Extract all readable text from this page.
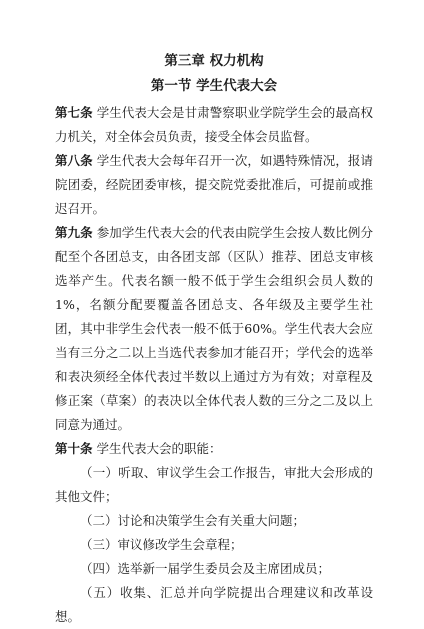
第三章 权力机构
第一节 学生代表大会

第七条 学生代表大会是甘肃警察职业学院学生会的最高权力机关，对全体会员负责，接受全体会员监督。

第八条 学生代表大会每年召开一次，如遇特殊情况，报请院团委，经院团委审核，提交院党委批准后，可提前或推迟召开。

第九条 参加学生代表大会的代表由院学生会按人数比例分配至个各团总支，由各团支部（区队）推荐、团总支审核选举产生。代表名额一般不低于学生会组织会员人数的1%，名额分配要覆盖各团总支、各年级及主要学生社团，其中非学生会代表一般不低于60%。学生代表大会应当有三分之二以上当选代表参加才能召开；学代会的选举和表决须经全体代表过半数以上通过方为有效；对章程及修正案（草案）的表决以全体代表人数的三分之二及以上同意为通过。

第十条 学生代表大会的职能：

（一）听取、审议学生会工作报告，审批大会形成的其他文件；

（二）讨论和决策学生会有关重大问题；

（三）审议修改学生会章程；

（四）选举新一届学生委员会及主席团成员；

（五）收集、汇总并向学院提出合理建议和改革设想。
